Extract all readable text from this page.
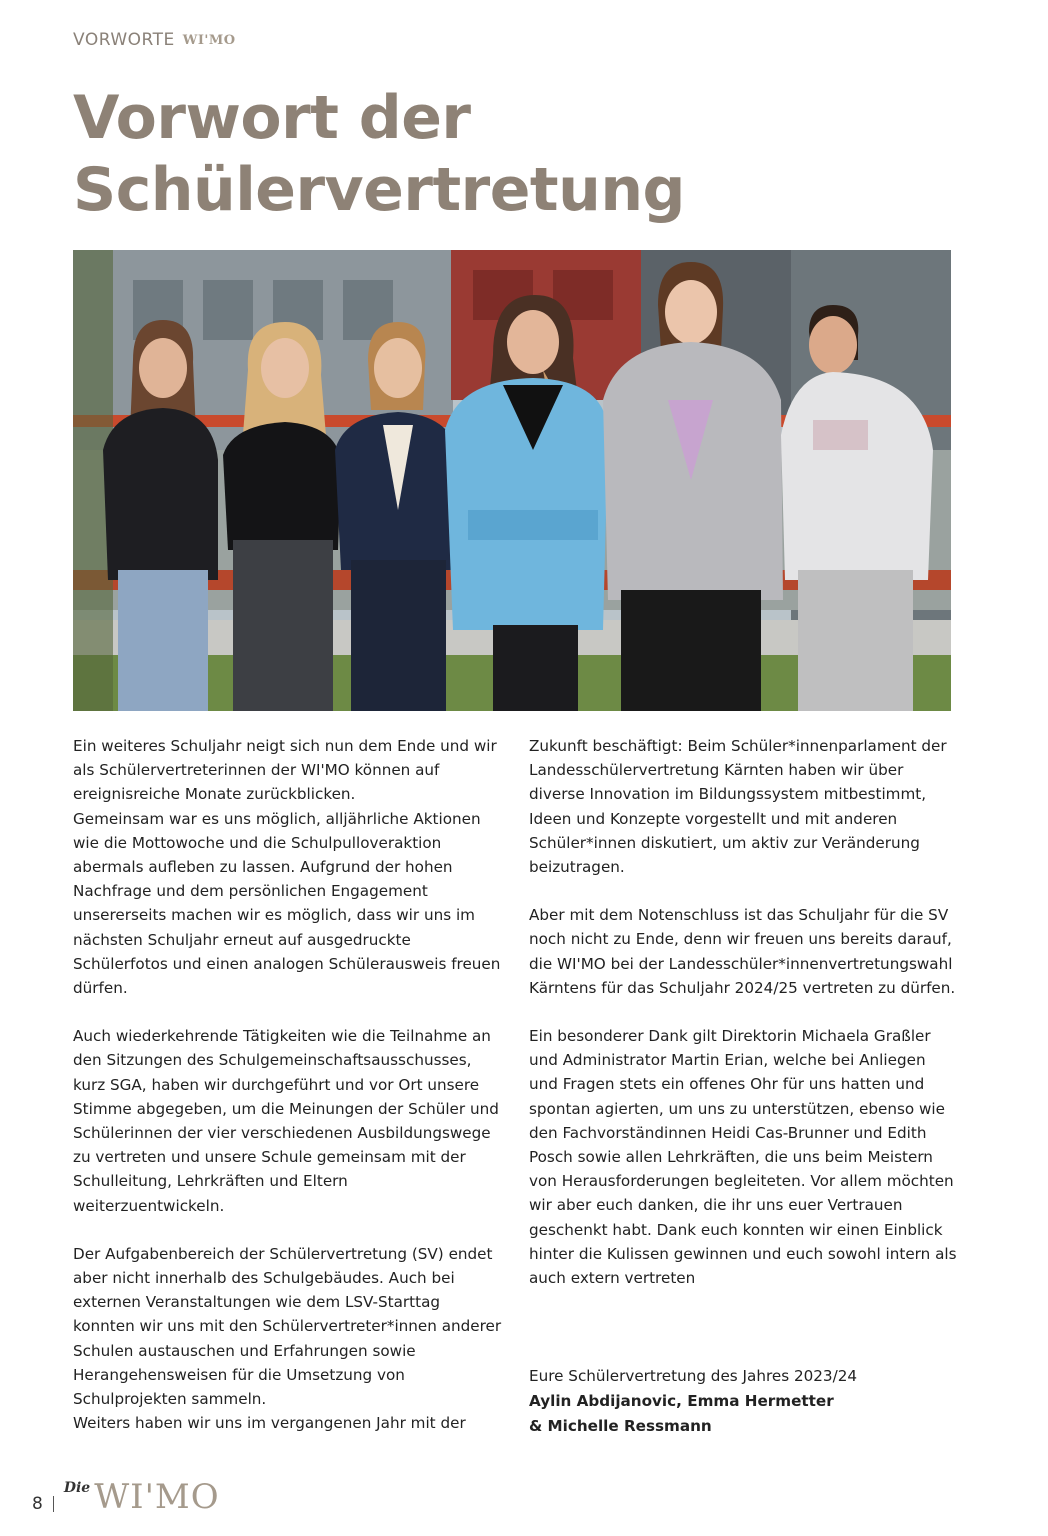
VORWORTE WI'MO
Vorwort der
Schülervertretung

Ein weiteres Schuljahr neigt sich nun dem Ende und wir als Schülervertreterinnen der WI'MO können auf ereignisreiche Monate zurückblicken.

Gemeinsam war es uns möglich, alljährliche Aktionen wie die Mottowoche und die Schulpulloveraktion abermals aufleben zu lassen. Aufgrund der hohen Nachfrage und dem persönlichen Engagement unsererseits machen wir es möglich, dass wir uns im nächsten Schuljahr erneut auf ausgedruckte Schülerfotos und einen analogen Schülerausweis freuen dürfen.

Auch wiederkehrende Tätigkeiten wie die Teilnahme an den Sitzungen des Schulgemeinschaftsausschusses, kurz SGA, haben wir durchgeführt und vor Ort unsere Stimme abgegeben, um die Meinungen der Schüler und Schülerinnen der vier verschiedenen Ausbildungswege zu vertreten und unsere Schule gemeinsam mit der Schulleitung, Lehrkräften und Eltern weiterzuentwickeln.

Der Aufgabenbereich der Schülervertretung (SV) endet aber nicht innerhalb des Schulgebäudes. Auch bei externen Veranstaltungen wie dem LSV-Starttag konnten wir uns mit den Schülervertreter*innen anderer Schulen austauschen und Erfahrungen sowie Herangehensweisen für die Umsetzung von Schulprojekten sammeln.

Weiters haben wir uns im vergangenen Jahr mit der

Zukunft beschäftigt: Beim Schüler*innenparlament der Landesschülervertretung Kärnten haben wir über diverse Innovation im Bildungssystem mitbestimmt, Ideen und Konzepte vorgestellt und mit anderen Schüler*innen diskutiert, um aktiv zur Veränderung beizutragen.

Aber mit dem Notenschluss ist das Schuljahr für die SV noch nicht zu Ende, denn wir freuen uns bereits darauf, die WI'MO bei der Landesschüler*innenvertretungswahl Kärntens für das Schuljahr 2024/25 vertreten zu dürfen.

Ein besonderer Dank gilt Direktorin Michaela Graßler und Administrator Martin Erian, welche bei Anliegen und Fragen stets ein offenes Ohr für uns hatten und spontan agierten, um uns zu unterstützen, ebenso wie den Fachvorständinnen Heidi Cas-Brunner und Edith Posch sowie allen Lehrkräften, die uns beim Meistern von Herausforderungen begleiteten. Vor allem möchten wir aber euch danken, die ihr uns euer Vertrauen geschenkt habt. Dank euch konnten wir einen Einblick hinter die Kulissen gewinnen und euch sowohl intern als auch extern vertreten

Eure Schülervertretung des Jahres 2023/24
Aylin Abdijanovic, Emma Hermetter
& Michelle Ressmann
8
Die WI'MO
